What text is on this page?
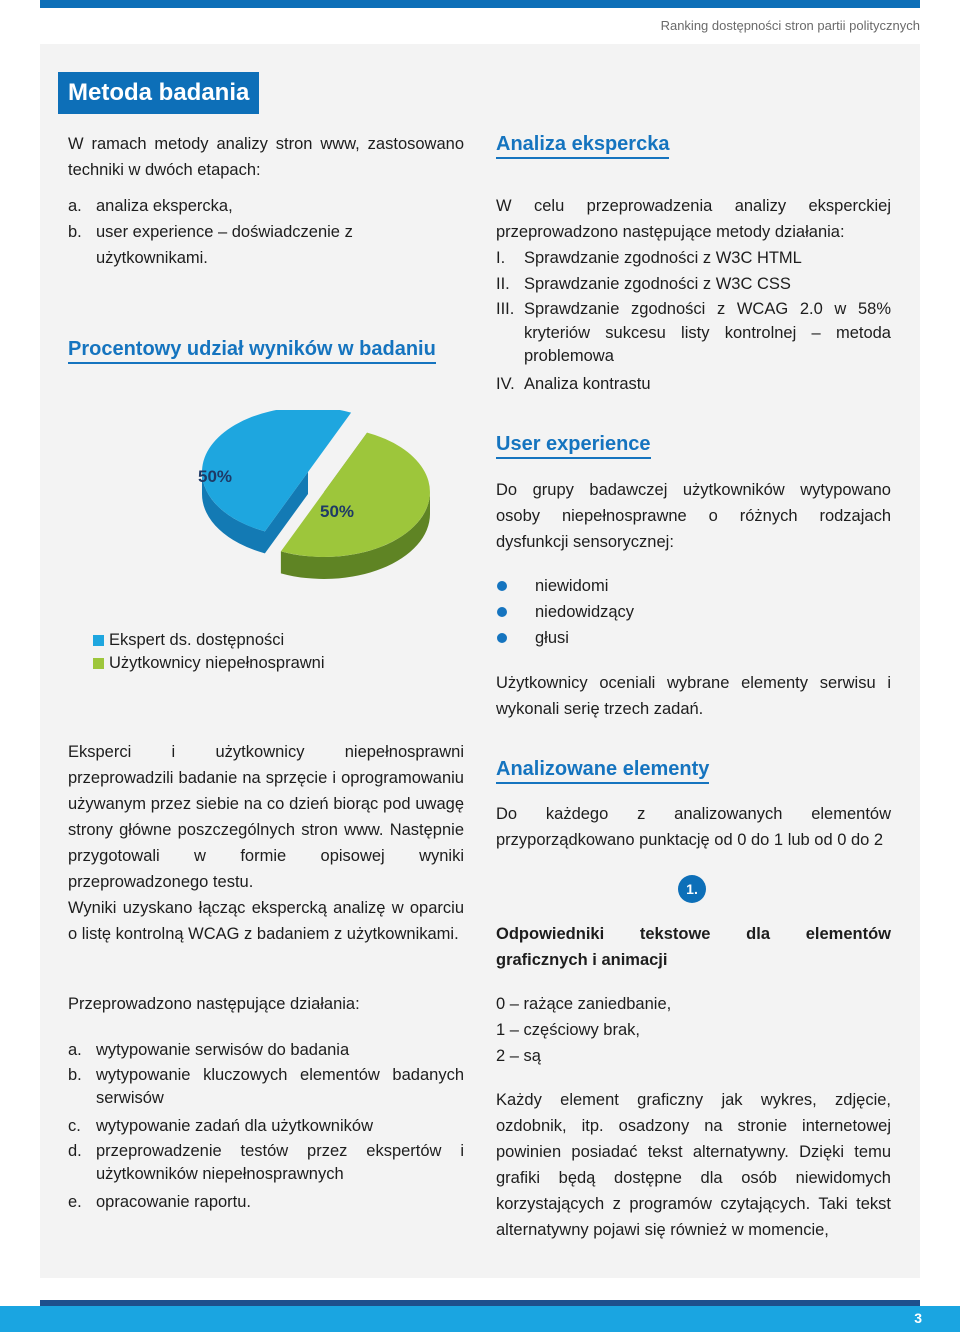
Ranking dostępności stron partii politycznych
Metoda badania
W ramach metody analizy stron www, zastosowano techniki w dwóch etapach:
a. analiza ekspercka,
b. user experience – doświadczenie z użytkownikami.
Procentowy udział wyników w badaniu
50%
50%
Ekspert ds. dostępności
Użytkownicy niepełnosprawni
Eksperci i użytkownicy niepełnosprawni przeprowadzili badanie na sprzęcie i oprogramowaniu używanym przez siebie na co dzień biorąc pod uwagę strony główne poszczególnych stron www. Następnie przygotowali w formie opisowej wyniki przeprowadzonego testu.
Wyniki uzyskano łącząc ekspercką analizę w oparciu o listę kontrolną WCAG z badaniem z użytkownikami.
Przeprowadzono następujące działania:
a. wytypowanie serwisów do badania
b. wytypowanie kluczowych elementów badanych serwisów
c. wytypowanie zadań dla użytkowników
d. przeprowadzenie testów przez ekspertów i użytkowników niepełnosprawnych
e. opracowanie raportu.
Analiza ekspercka
W celu przeprowadzenia analizy eksperckiej przeprowadzono następujące metody działania:
I.	Sprawdzanie zgodności z W3C HTML
II. Sprawdzanie zgodności z W3C CSS
III. Sprawdzanie zgodności z WCAG 2.0 w 58% kryteriów sukcesu listy kontrolnej – metoda problemowa
IV. Analiza kontrastu
User experience
Do grupy badawczej użytkowników wytypowano osoby niepełnosprawne o różnych rodzajach dysfunkcji sensorycznej:
niewidomi
niedowidzący
głusi
Użytkownicy oceniali wybrane elementy serwisu i wykonali serię trzech zadań.
Analizowane elementy
Do każdego z analizowanych elementów przyporządkowano punktację od 0 do 1 lub od 0 do 2
1.
Odpowiedniki tekstowe dla elementów graficznych i animacji
0 – rażące zaniedbanie,
1 – częściowy brak,
2 – są
Każdy element graficzny jak wykres, zdjęcie, ozdobnik, itp. osadzony na stronie internetowej powinien posiadać tekst alternatywny. Dzięki temu grafiki będą dostępne dla osób niewidomych korzystających z programów czytających. Taki tekst alternatywny pojawi się również w momencie,
3
